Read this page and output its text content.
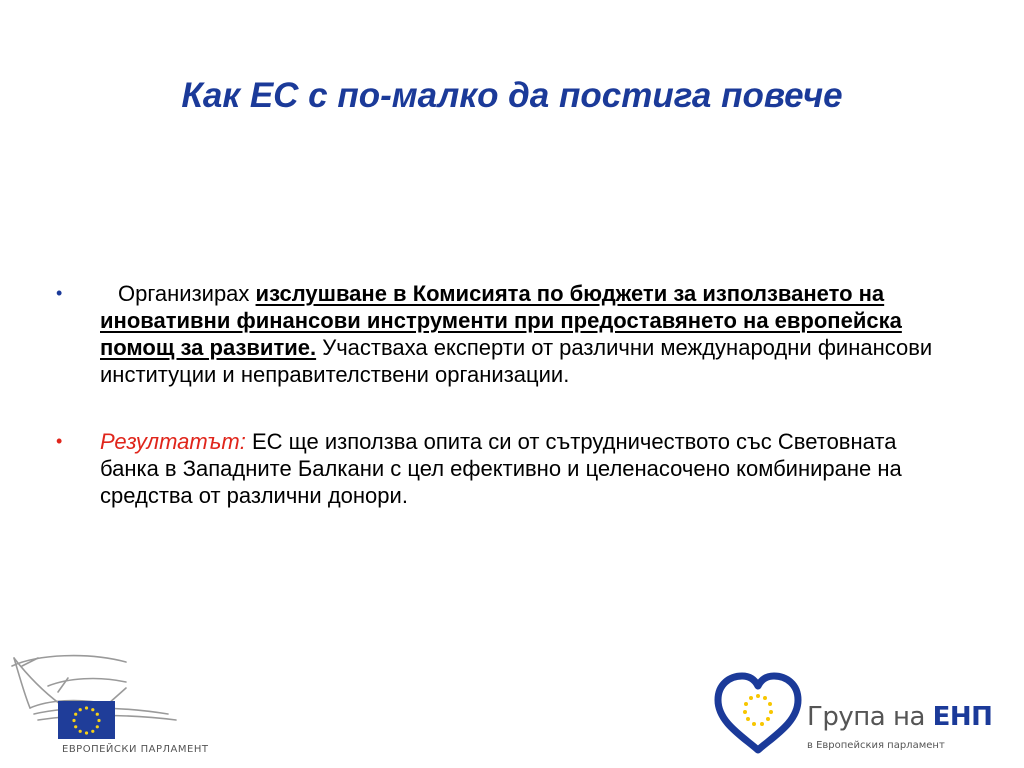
Как ЕС с по-малко да постига повече
•	Организирах изслушване в Комисията по бюджети за използването на иновативни финансови инструменти при предоставянето на европейска помощ за развитие. Участваха експерти от различни международни финансови институции и неправителствени организации.
• Резултатът: ЕС ще използва опита си от сътрудничеството със Световната банка в Западните Балкани с цел ефективно и целенасочено комбиниране на средства от различни донори.
ЕВРОПЕЙСКИ ПАРЛАМЕНТ
Група на ЕНП
в Европейския парламент
